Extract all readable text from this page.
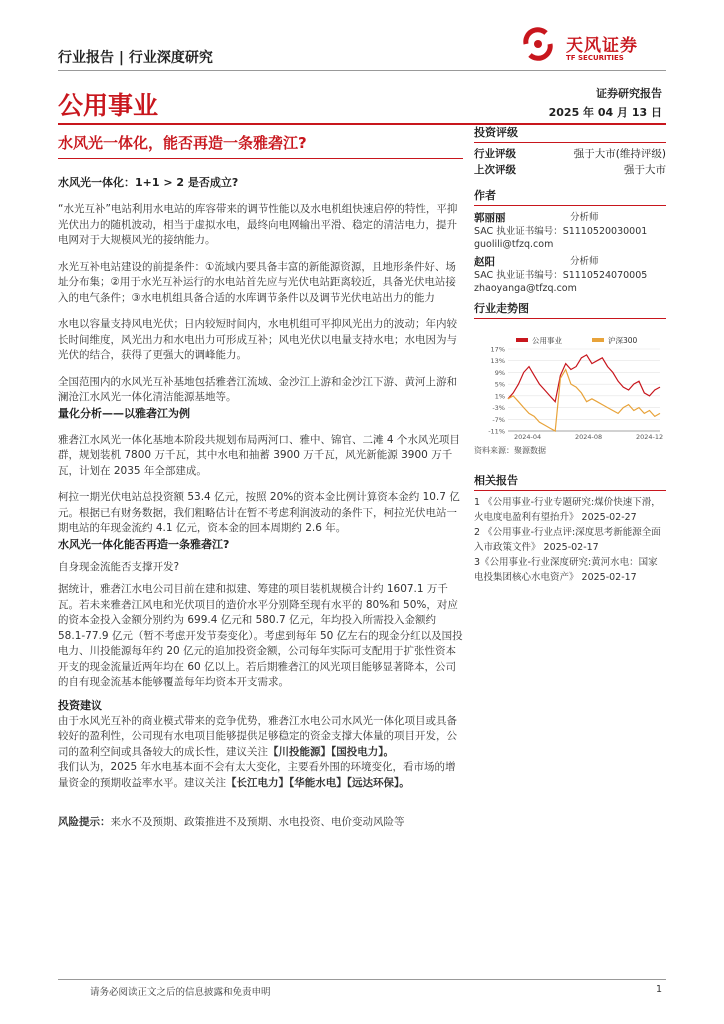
行业报告 | 行业深度研究
天风证券
TF SECURITIES
公用事业	证券研究报告
2025 年 04 月 13 日
水风光一体化，能否再造一条雅砻江?
水风光一体化：1+1 > 2 是否成立?

“水光互补”电站利用水电站的库容带来的调节性能以及水电机组快速启停的特性，平抑光伏出力的随机波动，相当于虚拟水电，最终向电网输出平滑、稳定的清洁电力，提升电网对于大规模风光的接纳能力。

水光互补电站建设的前提条件：①流域内要具备丰富的新能源资源，且地形条件好、场址分布集；②用于水光互补运行的水电站首先应与光伏电站距离较近，具备光伏电站接入的电气条件；③水电机组具备合适的水库调节条件以及调节光伏电站出力的能力

水电以容量支持风电光伏；日内较短时间内，水电机组可平抑风光出力的波动；年内较长时间维度，风光出力和水电出力可形成互补；风电光伏以电量支持水电；水电因为与光伏的结合，获得了更强大的调峰能力。

全国范围内的水风光互补基地包括雅砻江流域、金沙江上游和金沙江下游、黄河上游和澜沧江水风光一体化清洁能源基地等。

量化分析——以雅砻江为例

雅砻江水风光一体化基地本阶段共规划布局两河口、雅中、锦官、二滩 4 个水风光项目群，规划装机 7800 万千瓦，其中水电和抽蓄 3900 万千瓦，风光新能源 3900 万千瓦，计划在 2035 年全部建成。

柯拉一期光伏电站总投资额 53.4 亿元，按照 20%的资本金比例计算资本金约 10.7 亿元。根据已有财务数据，我们粗略估计在暂不考虑利润波动的条件下，柯拉光伏电站一期电站的年现金流约 4.1 亿元，资本金的回本周期约 2.6 年。

水风光一体化能否再造一条雅砻江?

自身现金流能否支撑开发?

据统计，雅砻江水电公司目前在建和拟建、筹建的项目装机规模合计约 1607.1 万千瓦。若未来雅砻江风电和光伏项目的造价水平分别降至现有水平的 80%和 50%，对应的资本金投入金额分别约为 699.4 亿元和 580.7 亿元，年均投入所需投入金额约 58.1-77.9 亿元（暂不考虑开发节奏变化）。考虑到每年 50 亿左右的现金分红以及国投电力、川投能源每年约 20 亿元的追加投资金额，公司每年实际可支配用于扩张性资本开支的现金流量近两年均在 60 亿以上。若后期雅砻江的风光项目能够显著降本，公司的自有现金流基本能够覆盖每年均资本开支需求。

投资建议

由于水风光互补的商业模式带来的竞争优势，雅砻江水电公司水风光一体化项目或具备较好的盈利性，公司现有水电项目能够提供足够稳定的资金支撑大体量的项目开发，公司的盈利空间或具备较大的成长性，建议关注【川投能源】【国投电力】。

我们认为，2025 年水电基本面不会有太大变化，主要看外围的环境变化，看市场的增量资金的预期收益率水平。建议关注【长江电力】【华能水电】【远达环保】。

风险提示：来水不及预期、政策推进不及预期、水电投资、电价变动风险等

投资评级
行业评级	强于大市(维持评级)
上次评级	强于大市
作者
郭丽丽	分析师
SAC 执业证书编号：S1110520030001
guolili@tfzq.com
赵阳	分析师
SAC 执业证书编号：S1110524070005
zhaoyanga@tfzq.com
行业走势图
公用事业	沪深300
17%
13%
9%
5%
1%
-3%
-7%
-11%
2024-04	2024-08	2024-12
资料来源：聚源数据
相关报告
1 《公用事业-行业专题研究:煤价快速下滑，火电度电盈利有望抬升》 2025-02-27
2 《公用事业-行业点评:深度思考新能源全面入市政策文件》 2025-02-17
3《公用事业-行业深度研究:黄河水电：国家电投集团核心水电资产》 2025-02-17
请务必阅读正文之后的信息披露和免责申明	1
